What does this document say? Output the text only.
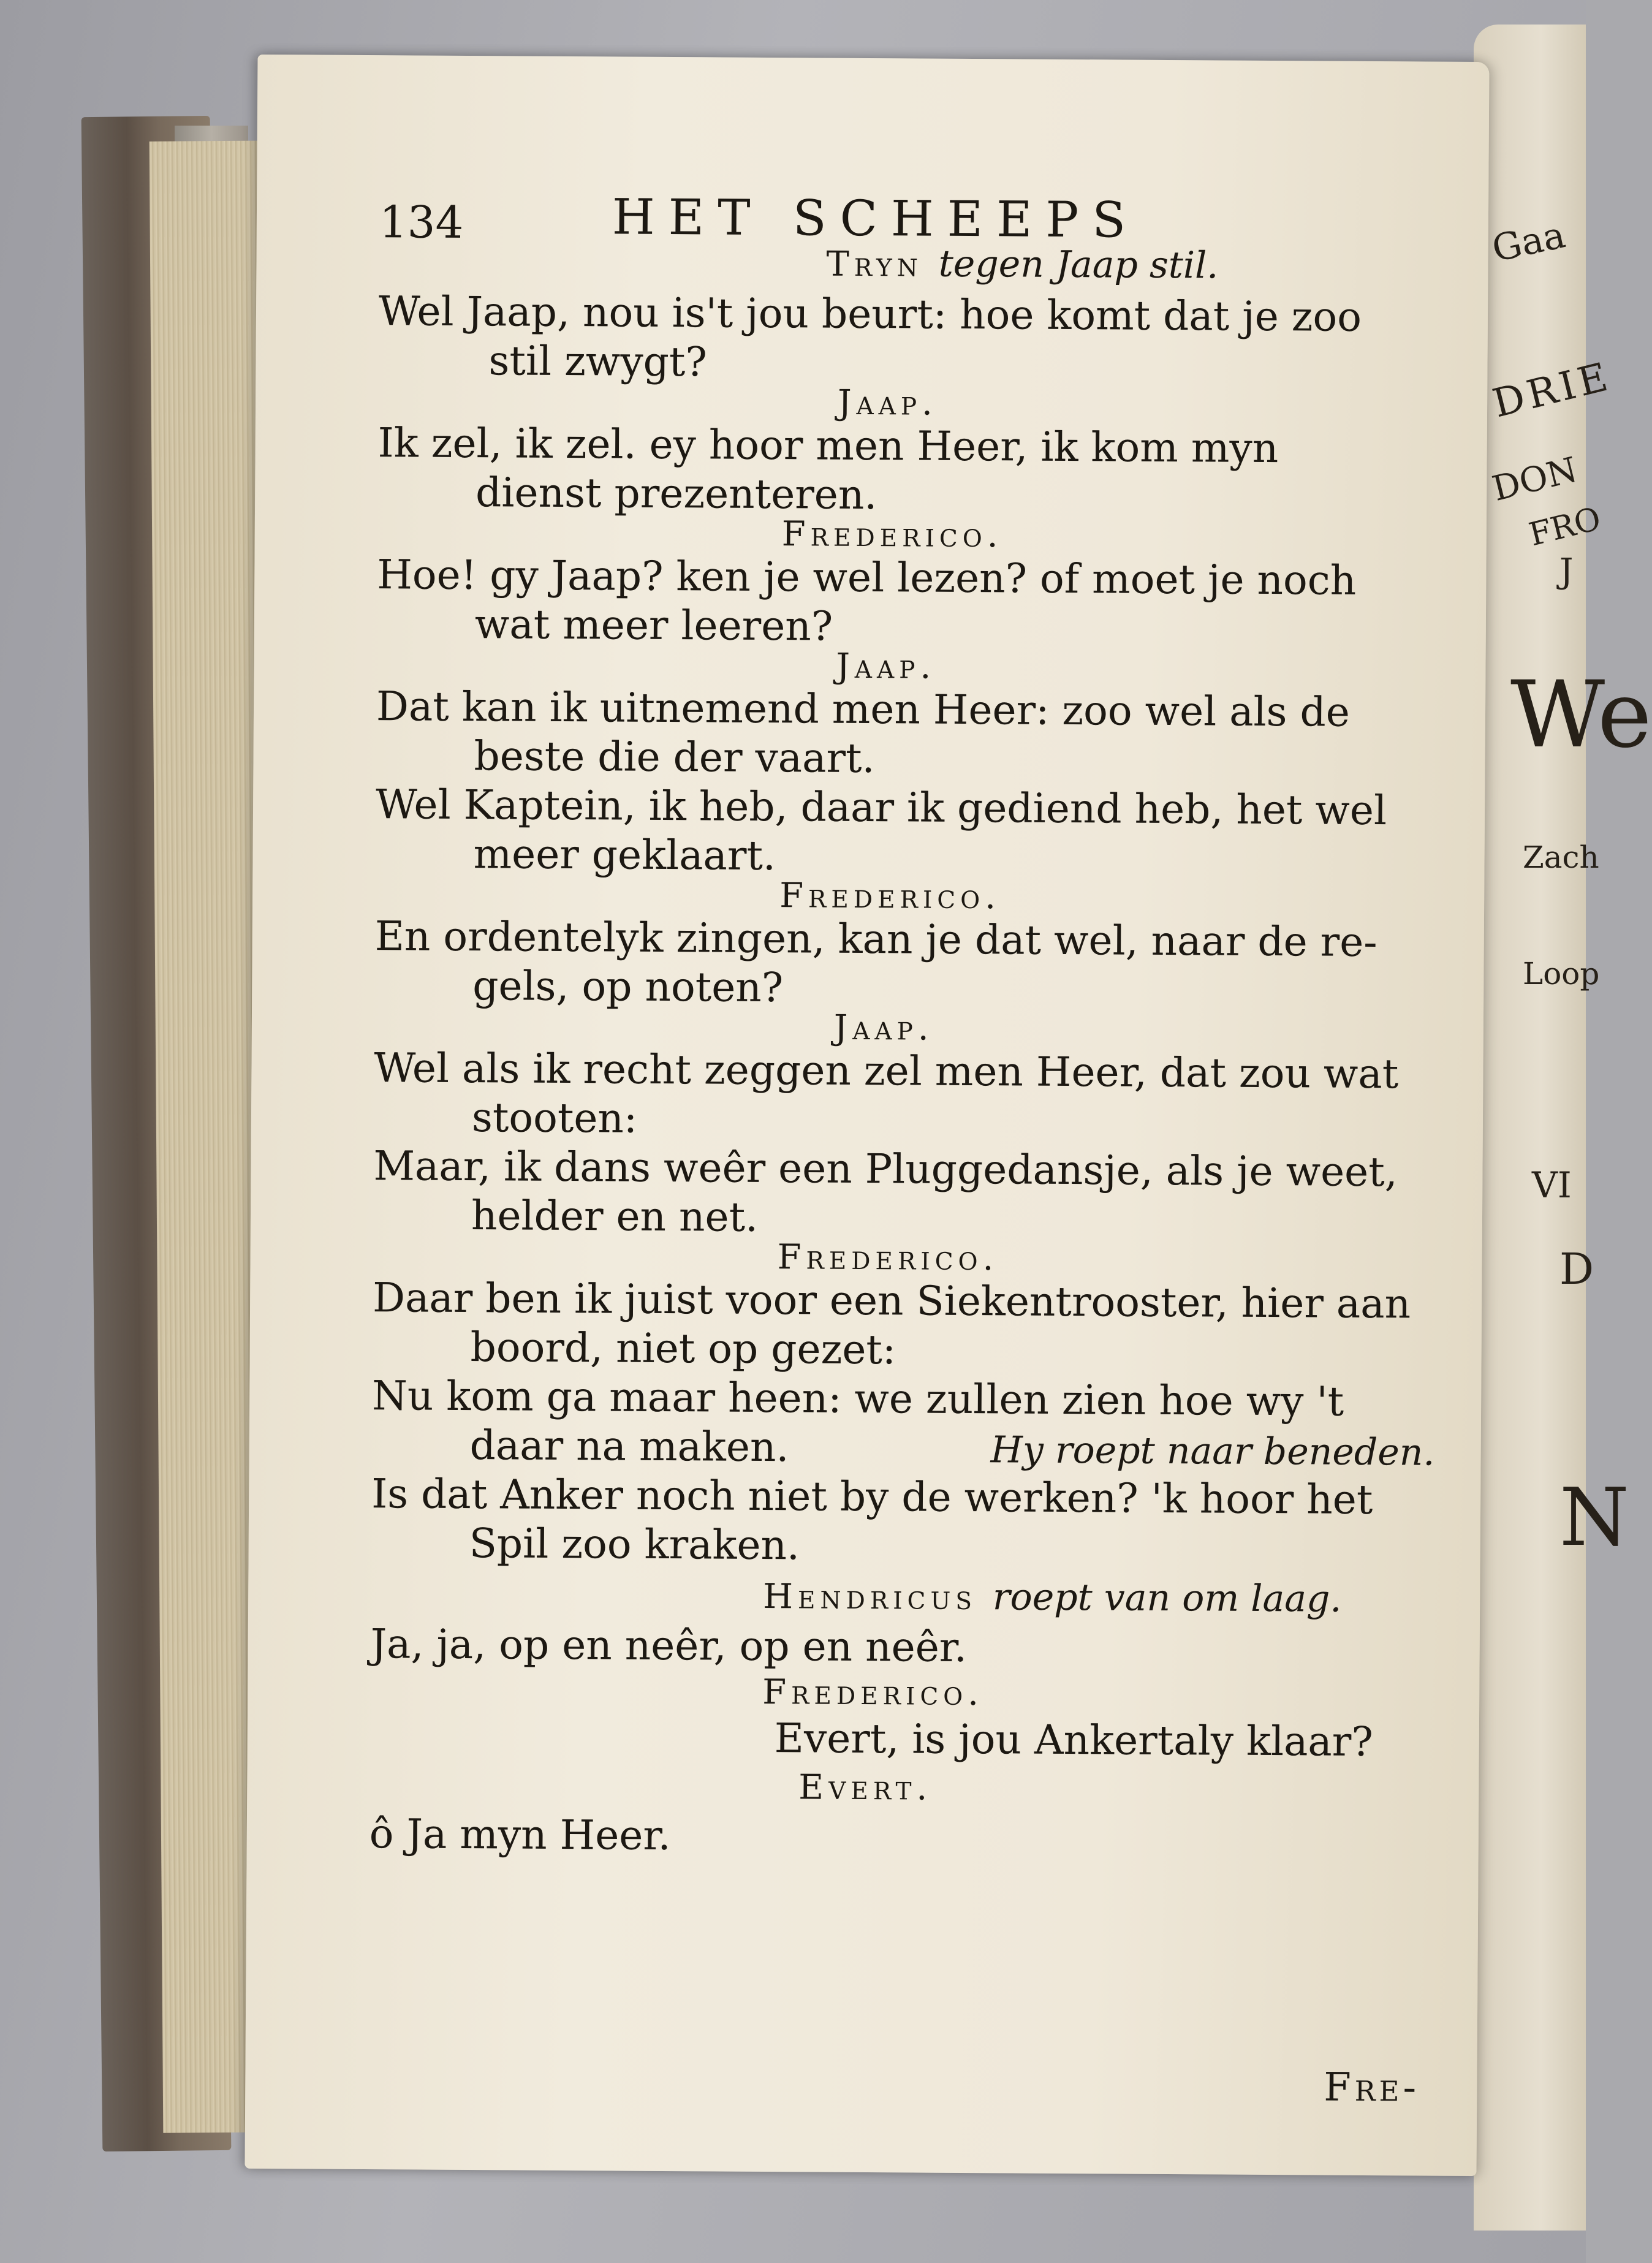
Gaa
DRIE
DON
FRO
J
We
Zach
Loop
VI
D
N
134	HET SCHEEPS
Tryn tegen Jaap stil.
Wel Jaap, nou is't jou beurt: hoe komt dat je zoo
stil zwygt?
Jaap.
Ik zel, ik zel. ey hoor men Heer, ik kom myn
dienst prezenteren.
Frederico.
Hoe! gy Jaap? ken je wel lezen? of moet je noch
wat meer leeren?
Jaap.
Dat kan ik uitnemend men Heer: zoo wel als de
beste die der vaart.
Wel Kaptein, ik heb, daar ik gediend heb, het wel
meer geklaart.
Frederico.
En ordentelyk zingen, kan je dat wel, naar de re-
gels, op noten?
Jaap.
Wel als ik recht zeggen zel men Heer, dat zou wat
stooten:
Maar, ik dans weêr een Pluggedansje, als je weet,
helder en net.
Frederico.
Daar ben ik juist voor een Siekentrooster, hier aan
boord, niet op gezet:
Nu kom ga maar heen: we zullen zien hoe wy 't
daar na maken.	Hy roept naar beneden.
Is dat Anker noch niet by de werken? 'k hoor het
Spil zoo kraken.
Hendricus roept van om laag.
Ja, ja, op en neêr, op en neêr.
Frederico.
Evert, is jou Ankertaly klaar?
Evert.
ô Ja myn Heer.
Fre-
